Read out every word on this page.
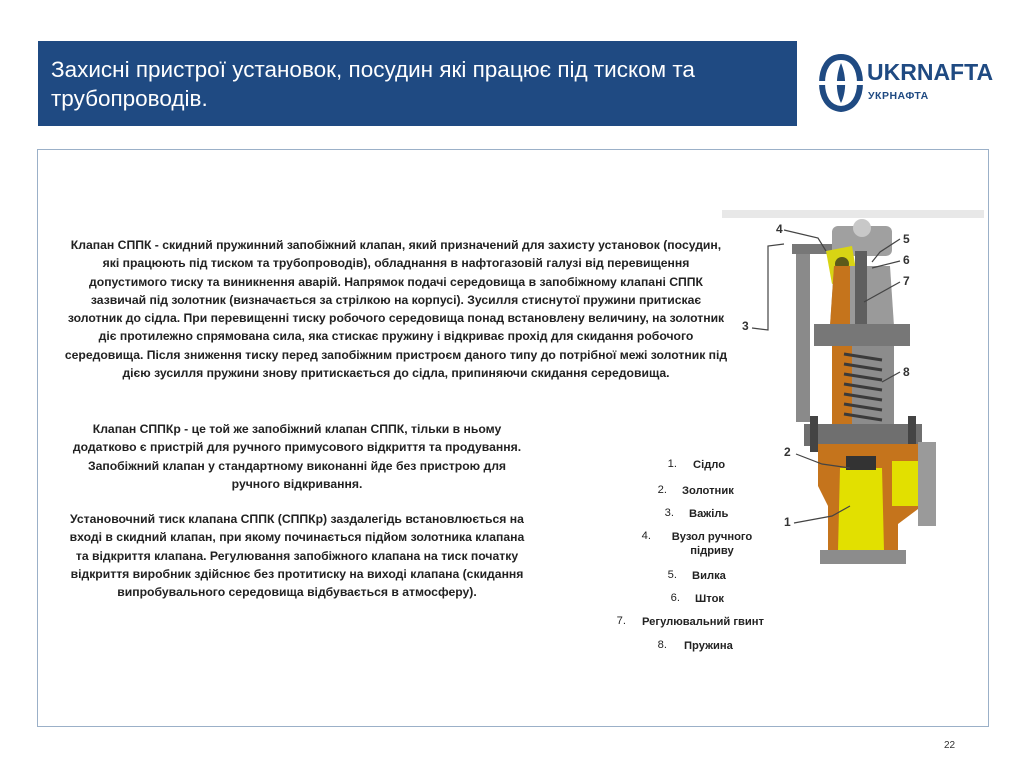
Захисні пристрої установок, посудин які працює під тиском та трубопроводів.
UKRNAFTA
УКРНАФТА
Клапан СППК - скидний пружинний запобіжний клапан, який призначений для захисту установок (посудин, які працюють під тиском та трубопроводів), обладнання в нафтогазовій галузі від перевищення допустимого тиску та виникнення аварій. Напрямок подачі середовища в запобіжному клапані СППК зазвичай під золотник (визначається за стрілкою на корпусі). Зусилля стиснутої пружини притискає золотник до сідла. При перевищенні тиску робочого середовища понад встановлену величину, на золотник діє протилежно спрямована сила, яка стискає пружину і відкриває прохід для скидання робочого середовища. Після зниження тиску перед запобіжним пристроєм даного типу до потрібної межі золотник під дією зусилля пружини знову притискається до сідла, припиняючи скидання середовища.
Клапан СППКр - це той же запобіжний клапан СППК, тільки в ньому додатково є пристрій для ручного примусового відкриття та продування. Запобіжний клапан у стандартному виконанні йде без пристрою для ручного відкривання.
Установочний тиск клапана СППК (СППКр) заздалегідь встановлюється на вході в скидний клапан, при якому починається підйом золотника клапана та відкриття клапана. Регулювання запобіжного клапана на тиск початку відкриття виробник здійснює без протитиску на виході клапана (скидання випробувального середовища відбувається в атмосферу).
4
5
6
7
3
8
2
1
1. Сідло
2. Золотник
3. Важіль
4.	Вузол ручного підриву
5. Вилка
6. Шток
7. Регулювальний гвинт
8. Пружина
22
